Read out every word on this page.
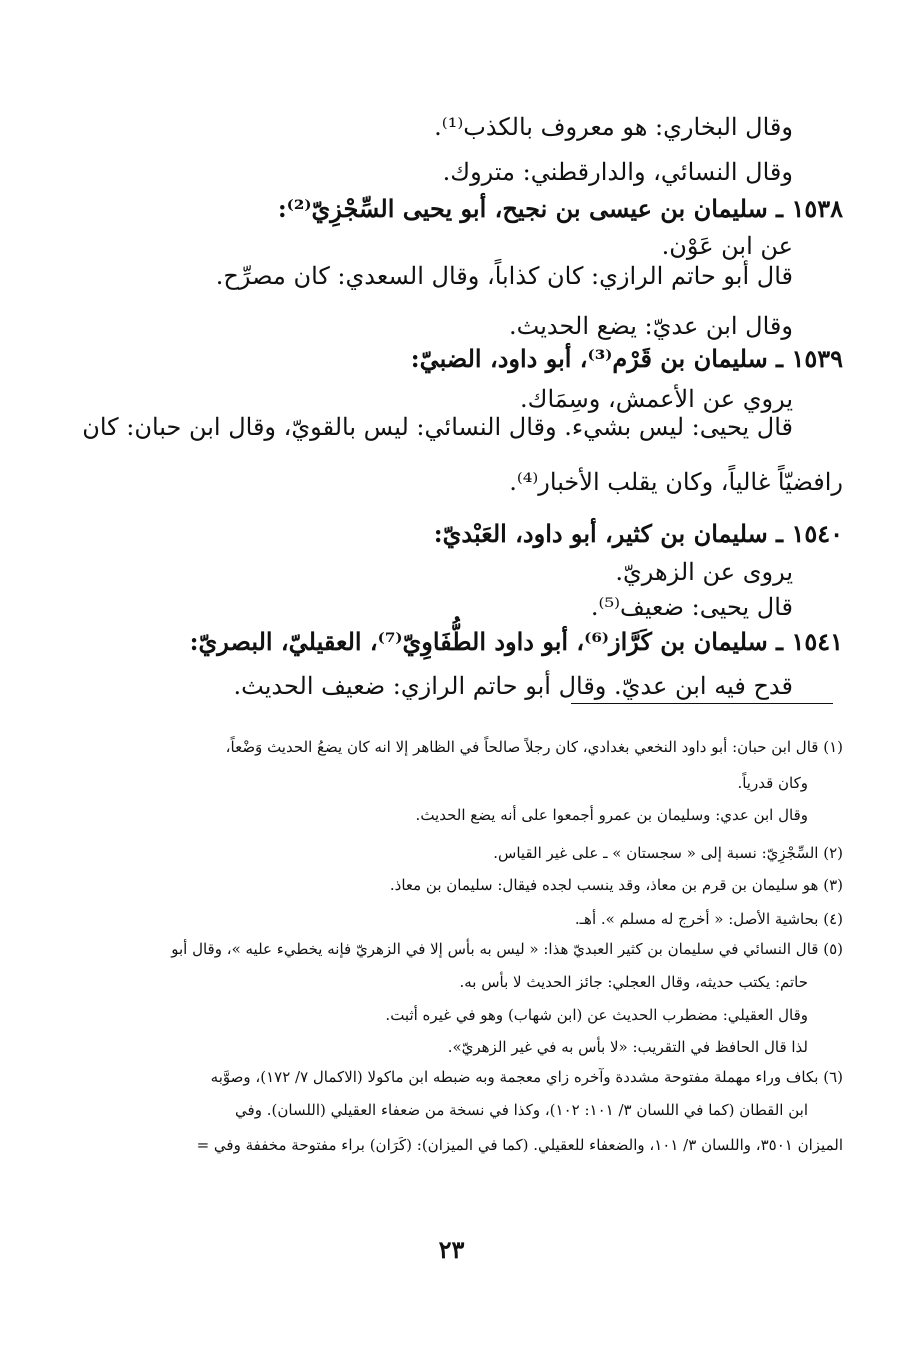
وقال البخاري: هو معروف بالكذب⁽¹⁾.
وقال النسائي، والدارقطني: متروك.
١٥٣٨ ـ سليمان بن عيسى بن نجيح، أبو يحيى السِّجْزِيّ⁽²⁾:
عن ابن عَوْن.
قال أبو حاتم الرازي: كان كذاباً، وقال السعدي: كان مصرِّح.
وقال ابن عديّ: يضع الحديث.
١٥٣٩ ـ سليمان بن قَرْم⁽³⁾، أبو داود، الضبيّ:
يروي عن الأعمش، وسِمَاك.
قال يحيى: ليس بشيء. وقال النسائي: ليس بالقويّ، وقال ابن حبان: كان
رافضيّاً غالياً، وكان يقلب الأخبار⁽⁴⁾.
١٥٤٠ ـ سليمان بن كثير، أبو داود، العَبْديّ:
يروى عن الزهريّ.
قال يحيى: ضعيف⁽⁵⁾.
١٥٤١ ـ سليمان بن كَرَّاز⁽⁶⁾، أبو داود الطُّفَاوِيّ⁽⁷⁾، العقيليّ، البصريّ:
قدح فيه ابن عديّ. وقال أبو حاتم الرازي: ضعيف الحديث.
(١) قال ابن حبان: أبو داود النخعي بغدادي، كان رجلاً صالحاً في الظاهر إلا انه كان يضعُ الحديث وَضْعاً،
وكان قدرياً.
وقال ابن عدي: وسليمان بن عمرو أجمعوا على أنه يضع الحديث.
(٢) السِّجْزِيّ: نسبة إلى « سجستان » ـ على غير القياس.
(٣) هو سليمان بن قرم بن معاذ، وقد ينسب لجده فيقال: سليمان بن معاذ.
(٤) بحاشية الأصل: « أخرج له مسلم ». أهـ.
(٥) قال النسائي في سليمان بن كثير العبديّ هذا: « ليس به بأس إلا في الزهريّ فإنه يخطيء عليه »، وقال أبو
حاتم: يكتب حديثه، وقال العجلي: جائز الحديث لا بأس به.
وقال العقيلي: مضطرب الحديث عن (ابن شهاب) وهو في غيره أثبت.
لذا قال الحافظ في التقريب: «لا بأس به في غير الزهريّ».
(٦) بكاف وراء مهملة مفتوحة مشددة وآخره زاي معجمة وبه ضبطه ابن ماكولا (الاكمال ٧/ ١٧٢)، وصوَّبه
ابن القطان (كما في اللسان ٣/ ١٠١: ١٠٢)، وكذا في نسخة من ضعفاء العقيلي (اللسان). وفي
الميزان ٣٥٠١، واللسان ٣/ ١٠١، والضعفاء للعقيلي. (كما في الميزان): (كَرَان) براء مفتوحة مخففة وفي =
٢٣
